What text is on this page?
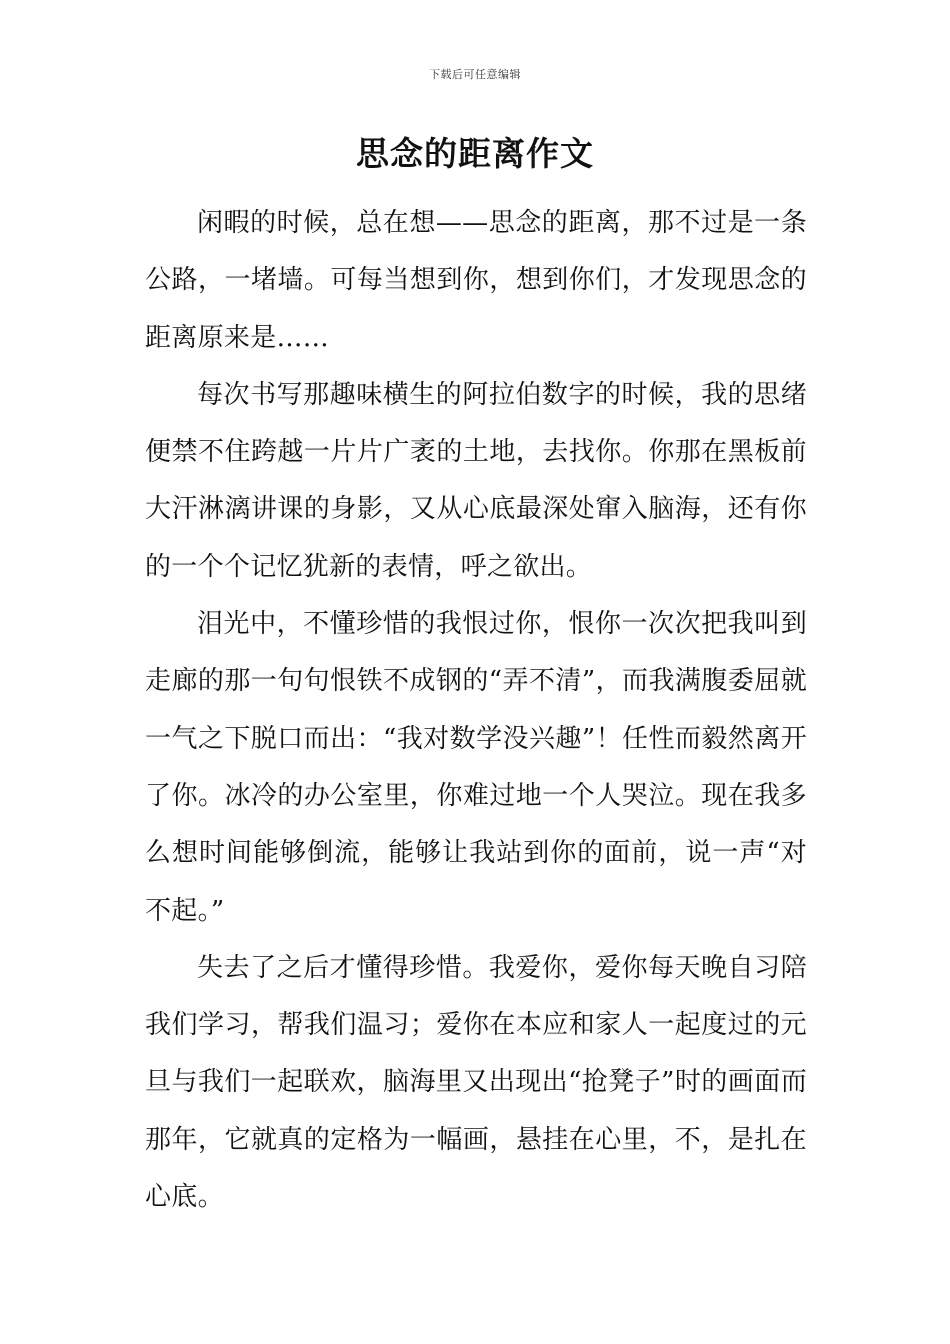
下载后可任意编辑
思念的距离作文

闲暇的时候，总在想——思念的距离，那不过是一条公路，一堵墙。可每当想到你，想到你们，才发现思念的距离原来是……

每次书写那趣味横生的阿拉伯数字的时候，我的思绪便禁不住跨越一片片广袤的土地，去找你。你那在黑板前大汗淋漓讲课的身影，又从心底最深处窜入脑海，还有你的一个个记忆犹新的表情，呼之欲出。

泪光中，不懂珍惜的我恨过你，恨你一次次把我叫到走廊的那一句句恨铁不成钢的“弄不清”，而我满腹委屈就一气之下脱口而出：“我对数学没兴趣”！任性而毅然离开了你。冰冷的办公室里，你难过地一个人哭泣。现在我多么想时间能够倒流，能够让我站到你的面前，说一声“对不起。”

失去了之后才懂得珍惜。我爱你，爱你每天晚自习陪我们学习，帮我们温习；爱你在本应和家人一起度过的元旦与我们一起联欢，脑海里又出现出“抢凳子”时的画面而那年，它就真的定格为一幅画，悬挂在心里，不，是扎在心底。
